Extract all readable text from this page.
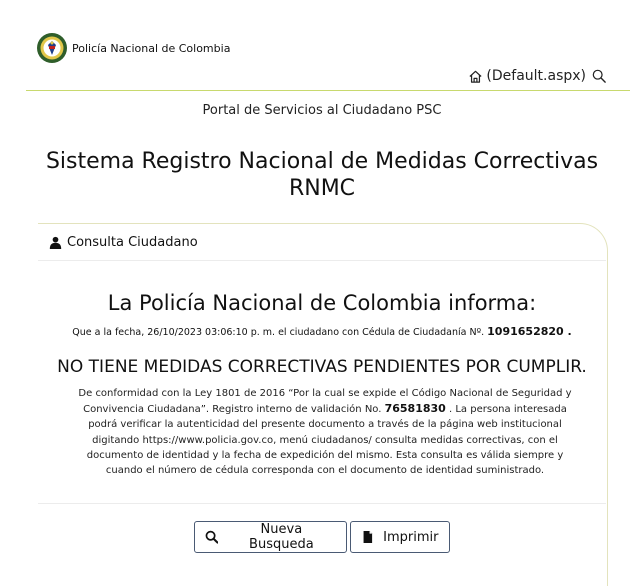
Policía Nacional de Colombia
(Default.aspx)
Portal de Servicios al Ciudadano PSC
Sistema Registro Nacional de Medidas Correctivas
RNMC
Consulta Ciudadano
La Policía Nacional de Colombia informa:
Que a la fecha, 26/10/2023 03:06:10 p. m. el ciudadano con Cédula de Ciudadanía Nº. 1091652820 .
NO TIENE MEDIDAS CORRECTIVAS PENDIENTES POR CUMPLIR.
De conformidad con la Ley 1801 de 2016 “Por la cual se expide el Código Nacional de Seguridad y Convivencia Ciudadana”. Registro interno de validación No. 76581830 . La persona interesada podrá verificar la autenticidad del presente documento a través de la página web institucional digitando https://www.policia.gov.co, menú ciudadanos/ consulta medidas correctivas, con el documento de identidad y la fecha de expedición del mismo. Esta consulta es válida siempre y cuando el número de cédula corresponda con el documento de identidad suministrado.
Nueva Busqueda	Imprimir
